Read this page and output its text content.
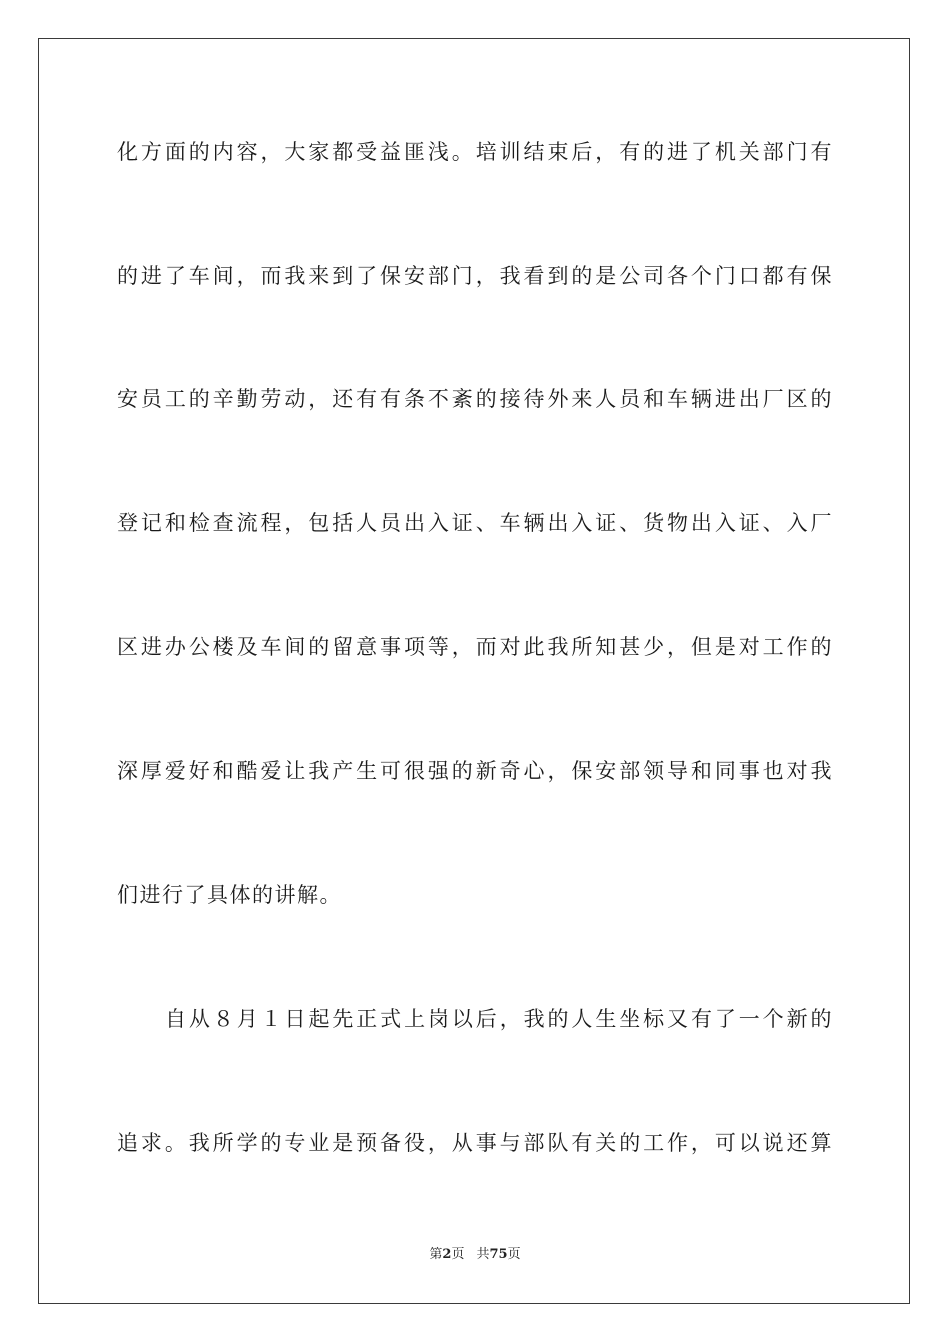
化方面的内容，大家都受益匪浅。培训结束后，有的进了机关部门有
的进了车间，而我来到了保安部门，我看到的是公司各个门口都有保
安员工的辛勤劳动，还有有条不紊的接待外来人员和车辆进出厂区的
登记和检查流程，包括人员出入证、车辆出入证、货物出入证、入厂
区进办公楼及车间的留意事项等，而对此我所知甚少，但是对工作的
深厚爱好和酷爱让我产生可很强的新奇心，保安部领导和同事也对我
们进行了具体的讲解。
自从８月１日起先正式上岗以后，我的人生坐标又有了一个新的
追求。我所学的专业是预备役，从事与部队有关的工作，可以说还算
第2页 共75页
